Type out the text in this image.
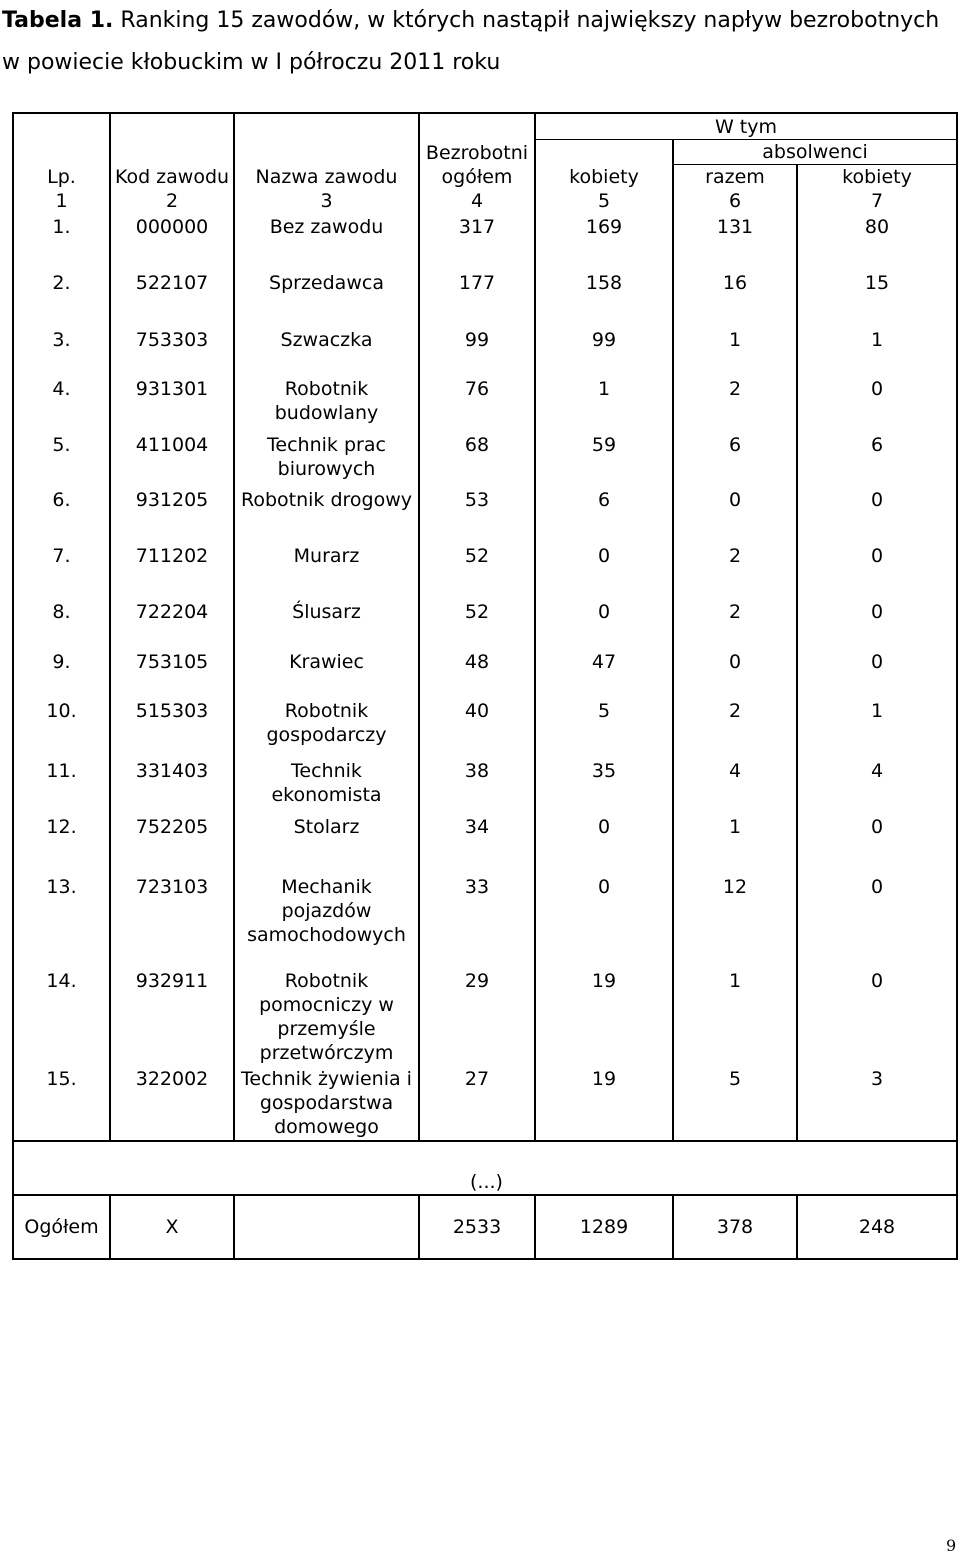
Tabela 1. Ranking 15 zawodów, w których nastąpił największy napływ bezrobotnych w powiecie kłobuckim w I półroczu 2011 roku
Lp.	Kod zawodu	Nazwa zawodu	Bezrobotni ogółem	W tym		
				kobiety	absolwenci	
					razem	kobiety
1	2	3	4	5	6	7
1.	000000	Bez zawodu	317	169	131	80
2.	522107	Sprzedawca	177	158	16	15
3.	753303	Szwaczka	99	99	1	1
4.	931301	Robotnik budowlany	76	1	2	0
5.	411004	Technik prac biurowych	68	59	6	6
6.	931205	Robotnik drogowy	53	6	0	0
7.	711202	Murarz	52	0	2	0
8.	722204	Ślusarz	52	0	2	0
9.	753105	Krawiec	48	47	0	0
10.	515303	Robotnik gospodarczy	40	5	2	1
11.	331403	Technik ekonomista	38	35	4	4
12.	752205	Stolarz	34	0	1	0
13.	723103	Mechanik pojazdów samochodowych	33	0	12	0
14.	932911	Robotnik pomocniczy w przemyśle przetwórczym	29	19	1	0
15.	322002	Technik żywienia i gospodarstwa domowego	27	19	5	3
(...)						
Ogółem	X		2533	1289	378	248
9
